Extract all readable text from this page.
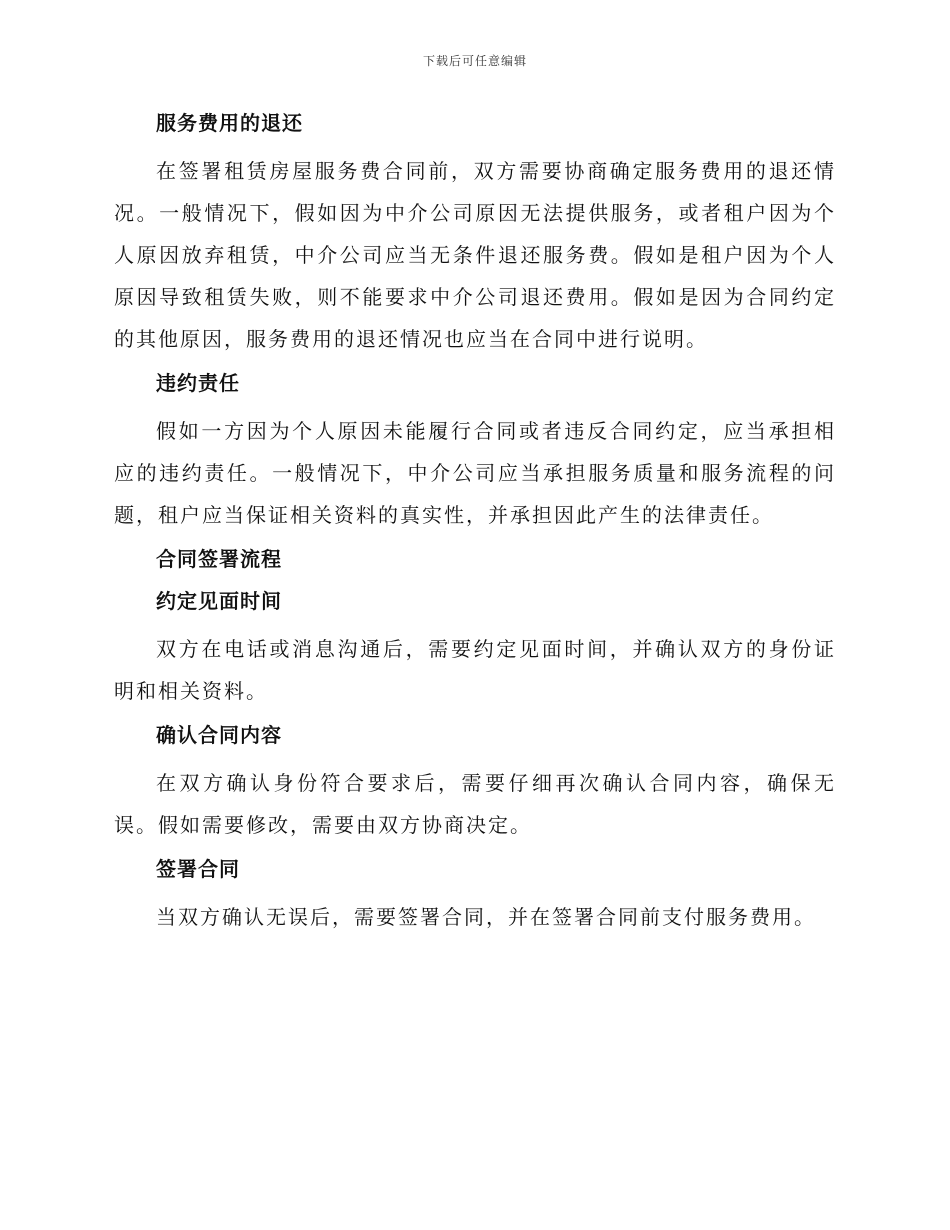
下载后可任意编辑
服务费用的退还
在签署租赁房屋服务费合同前，双方需要协商确定服务费用的退还情况。一般情况下，假如因为中介公司原因无法提供服务，或者租户因为个人原因放弃租赁，中介公司应当无条件退还服务费。假如是租户因为个人原因导致租赁失败，则不能要求中介公司退还费用。假如是因为合同约定的其他原因，服务费用的退还情况也应当在合同中进行说明。
违约责任
假如一方因为个人原因未能履行合同或者违反合同约定，应当承担相应的违约责任。一般情况下，中介公司应当承担服务质量和服务流程的问题，租户应当保证相关资料的真实性，并承担因此产生的法律责任。
合同签署流程
约定见面时间
双方在电话或消息沟通后，需要约定见面时间，并确认双方的身份证明和相关资料。
确认合同内容
在双方确认身份符合要求后，需要仔细再次确认合同内容，确保无误。假如需要修改，需要由双方协商决定。
签署合同
当双方确认无误后，需要签署合同，并在签署合同前支付服务费用。
